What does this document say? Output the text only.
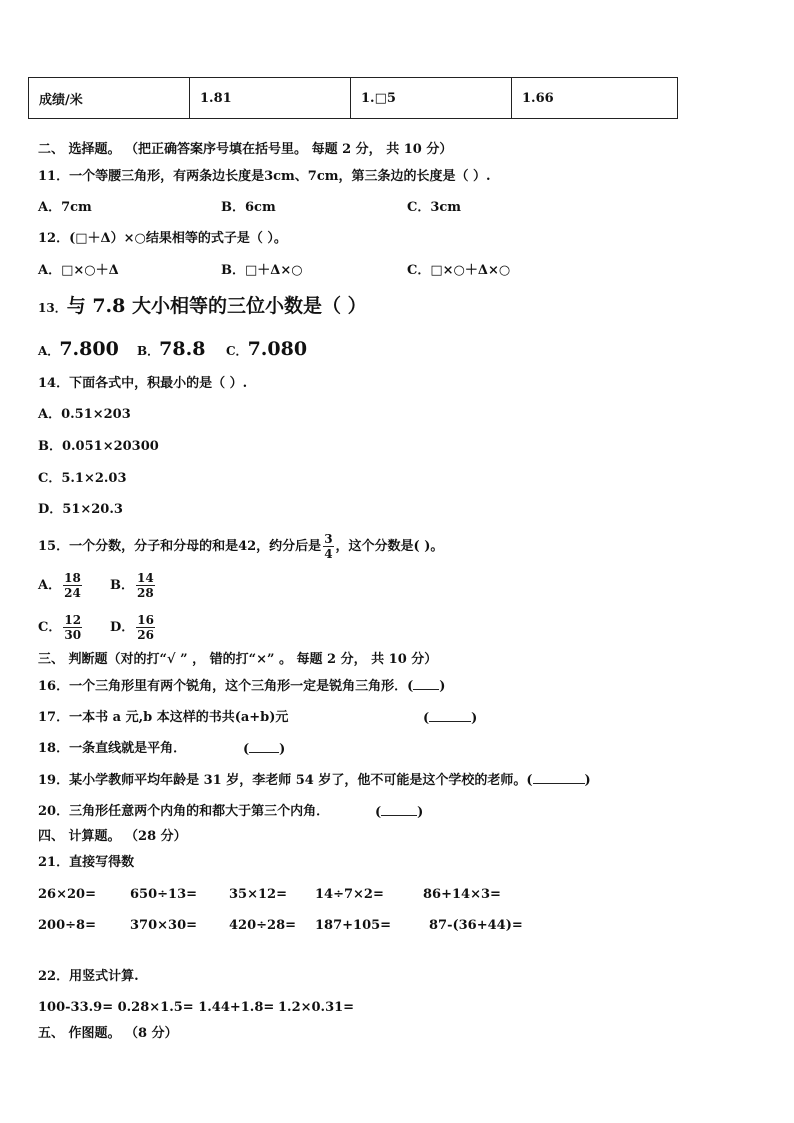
成绩/米	1.81	1.□5	1.66
二、 选择题。 （把正确答案序号填在括号里。 每题 2 分， 共 10 分）
11．一个等腰三角形，有两条边长度是3cm、7cm，第三条边的长度是（ ）.
A．7cm	B．6cm	C．3cm
12．(□＋Δ）×○结果相等的式子是（ ）。
A．□×○＋Δ	B．□＋Δ×○	C．□×○＋Δ×○
13．与 7.8 大小相等的三位小数是（ ）
A．7.800 B．78.8 C．7.080
14．下面各式中，积最小的是（ ）.
A．0.51×203
B．0.051×20300
C．5.1×2.03
D．51×20.3
15．一个分数，分子和分母的和是42，约分后是 $\frac{3}{4}$ ，这个分数是( )。
A． $\frac{18}{24}$ B． $\frac{14}{28}$
C． $\frac{12}{30}$ D． $\frac{16}{26}$
三、 判断题（对的打“√ ” ， 错的打“×” 。 每题 2 分， 共 10 分）
16．一个三角形里有两个锐角，这个三角形一定是锐角三角形．( )
17．一本书 a 元,b 本这样的书共(a+b)元	(	)
18．一条直线就是平角．	( )
19．某小学教师平均年龄是 31 岁，李老师 54 岁了，他不可能是这个学校的老师。(	)
20．三角形任意两个内角的和都大于第三个内角．	(	)
四、 计算题。 （28 分）
21．直接写得数
26×20=	650÷13= 35×12= 14÷7×2=	86+14×3=
200÷8=	370×30= 420÷28= 187+105=	87-(36+44)=
22．用竖式计算.
100-33.9= 0.28×1.5= 1.44+1.8= 1.2×0.31=
五、 作图题。 （8 分）
